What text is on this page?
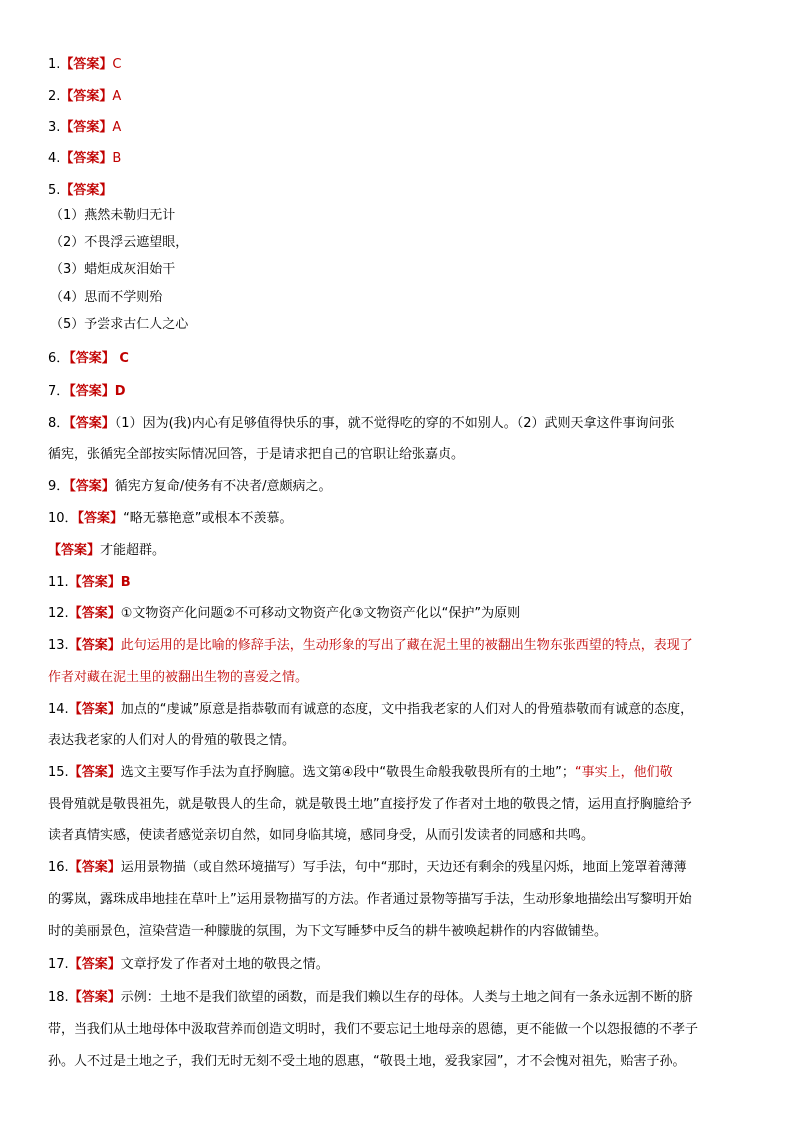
1.【答案】C
2.【答案】A
3.【答案】A
4.【答案】B
5.【答案】
（1）燕然未勒归无计
（2）不畏浮云遮望眼，
（3）蜡炬成灰泪始干
（4）思而不学则殆
（5）予尝求古仁人之心
6．【答案】 C
7．【答案】D
8．【答案】（1）因为(我)内心有足够值得快乐的事，就不觉得吃的穿的不如别人。（2）武则天拿这件事询问张
循宪，张循宪全部按实际情况回答，于是请求把自己的官职让给张嘉贞。
9．【答案】循宪方复命/使务有不决者/意颇病之。
10．【答案】“略无慕艳意”或根本不羡慕。
【答案】才能超群。
11.【答案】B
12.【答案】①文物资产化问题②不可移动文物资产化③文物资产化以“保护”为原则
13.【答案】此句运用的是比喻的修辞手法，生动形象的写出了藏在泥土里的被翻出生物东张西望的特点，表现了
作者对藏在泥土里的被翻出生物的喜爱之情。
14.【答案】加点的“虔诚”原意是指恭敬而有诚意的态度，文中指我老家的人们对人的骨殖恭敬而有诚意的态度，
表达我老家的人们对人的骨殖的敬畏之情。
15.【答案】选文主要写作手法为直抒胸臆。选文第④段中“敬畏生命般我敬畏所有的土地”；“事实上，他们敬
畏骨殖就是敬畏祖先，就是敬畏人的生命，就是敬畏土地”直接抒发了作者对土地的敬畏之情，运用直抒胸臆给予
读者真情实感，使读者感觉亲切自然，如同身临其境，感同身受，从而引发读者的同感和共鸣。
16.【答案】运用景物描（或自然环境描写）写手法，句中“那时，天边还有剩余的残星闪烁，地面上笼罩着薄薄
的雾岚，露珠成串地挂在草叶上”运用景物描写的方法。作者通过景物等描写手法，生动形象地描绘出写黎明开始
时的美丽景色，渲染营造一种朦胧的氛围，为下文写睡梦中反刍的耕牛被唤起耕作的内容做铺垫。
17.【答案】文章抒发了作者对土地的敬畏之情。
18.【答案】示例：土地不是我们欲望的函数，而是我们赖以生存的母体。人类与土地之间有一条永远割不断的脐
带，当我们从土地母体中汲取营养而创造文明时，我们不要忘记土地母亲的恩德，更不能做一个以怨报德的不孝子
孙。人不过是土地之子，我们无时无刻不受土地的恩惠，“敬畏土地，爱我家园”，才不会愧对祖先，贻害子孙。
